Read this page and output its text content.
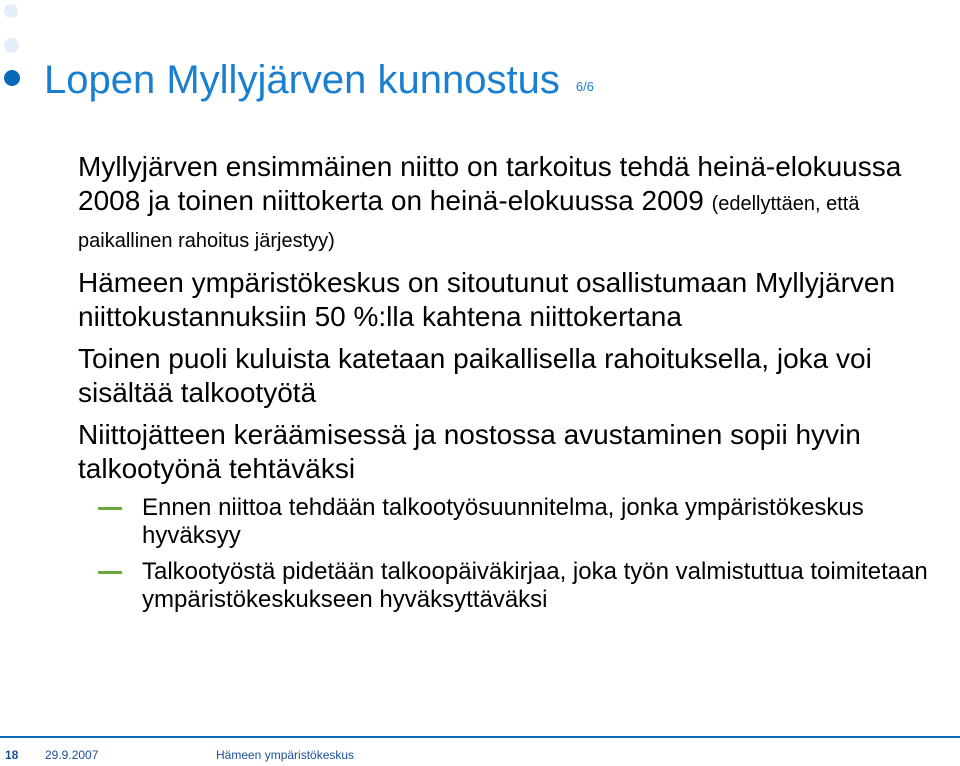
Lopen Myllyjärven kunnostus 6/6

Myllyjärven ensimmäinen niitto on tarkoitus tehdä heinä-elokuussa 2008 ja toinen niittokerta on heinä-elokuussa 2009 (edellyttäen, että paikallinen rahoitus järjestyy)

Hämeen ympäristökeskus on sitoutunut osallistumaan Myllyjärven niittokustannuksiin 50 %:lla kahtena niittokertana

Toinen puoli kuluista katetaan paikallisella rahoituksella, joka voi sisältää talkootyötä

Niittojätteen keräämisessä ja nostossa avustaminen sopii hyvin talkootyönä tehtäväksi

Ennen niittoa tehdään talkootyösuunnitelma, jonka ympäristökeskus hyväksyy
Talkootyöstä pidetään talkoopäiväkirjaa, joka työn valmistuttua toimitetaan ympäristökeskukseen hyväksyttäväksi
18 29.9.2007	Hämeen ympäristökeskus
